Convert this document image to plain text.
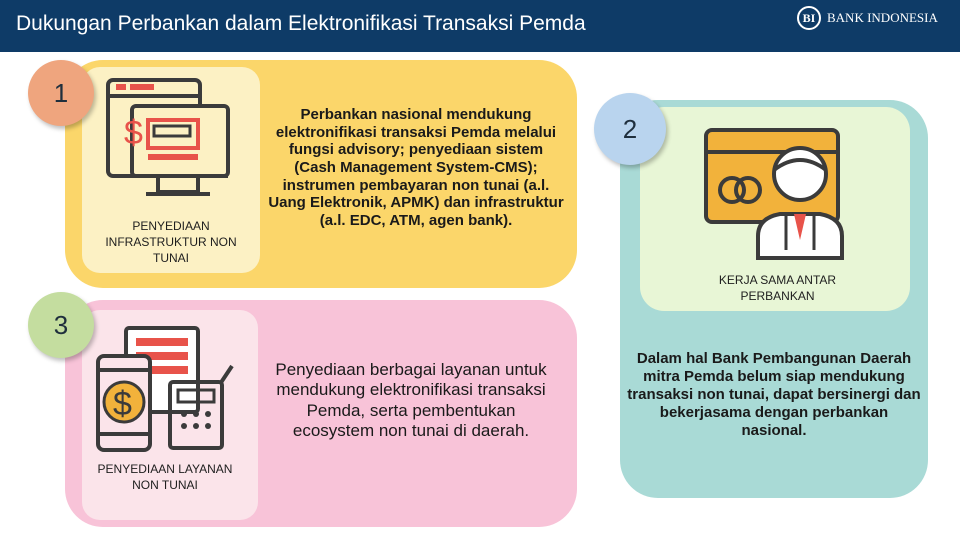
Dukungan Perbankan dalam Elektronifikasi Transaksi Pemda	BI BANK INDONESIA
$
$
1
2
3
PENYEDIAAN INFRASTRUKTUR NON TUNAI
PENYEDIAAN LAYANAN NON TUNAI
KERJA SAMA ANTAR PERBANKAN
Perbankan nasional mendukung elektronifikasi transaksi Pemda melalui fungsi advisory; penyediaan sistem (Cash Management System-CMS); instrumen pembayaran non tunai (a.l. Uang Elektronik, APMK) dan infrastruktur (a.l. EDC, ATM, agen bank).
Penyediaan berbagai layanan untuk mendukung elektronifikasi transaksi Pemda, serta pembentukan ecosystem non tunai di daerah.
Dalam hal Bank Pembangunan Daerah mitra Pemda belum siap mendukung transaksi non tunai, dapat bersinergi dan bekerjasama dengan perbankan nasional.
